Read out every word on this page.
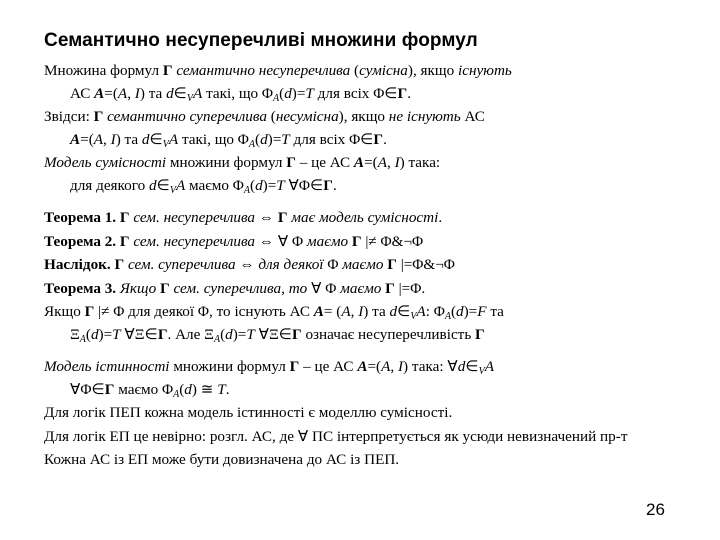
Семантично несуперечливі множини формул

Множина формул Γ семантично несуперечлива (сумісна), якщо існують
АС A=(A, I) та $d\in_VA$ такі, що $\Phi_A(d)=T$ для всіх Φ∈Γ.

Звідси: Γ семантично суперечлива (несумісна), якщо не існують АС
A=(A, I) та $d\in_VA$ такі, що $\Phi_A(d)=T$ для всіх Φ∈Γ.

Модель сумісності множини формул Γ – це АС A=(A, I) така:
для деякого $d\in_VA$ маємо $\Phi_A(d)=T$ ∀Φ∈Γ.

Теорема 1. Γ сем. несуперечлива ⇔ Γ має модель сумісності.

Теорема 2. Γ сем. несуперечлива ⇔ ∀ Φ маємо Γ |≠ Φ&¬Φ

Наслідок. Γ сем. суперечлива ⇔ для деякої Φ маємо Γ |=Φ&¬Φ

Теорема 3. Якщо Γ сем. суперечлива, то ∀ Φ маємо Γ |=Φ.

Якщо Γ |≠ Φ для деякої Φ, то існують АС A= (A, I) та $d\in_VA$: $\Phi_A(d)=F$ та
$\Xi_A(d)=T$ ∀Ξ∈Γ. Але $\Xi_A(d)=T$ ∀Ξ∈Γ означає несуперечливість Γ

Модель істинності множини формул Γ – це АС A=(A, I) така: $\forall d\in_VA$
∀Φ∈Γ маємо $\Phi_A(d)$ ≅ T.

Для логік ПЕП кожна модель істинності є моделлю сумісності.

Для логік ЕП це невірно: розгл. АС, де ∀ ПС інтерпретується як усюди невизначений пр-т

Кожна АС із ЕП може бути довизначена до АС із ПЕП.

26
